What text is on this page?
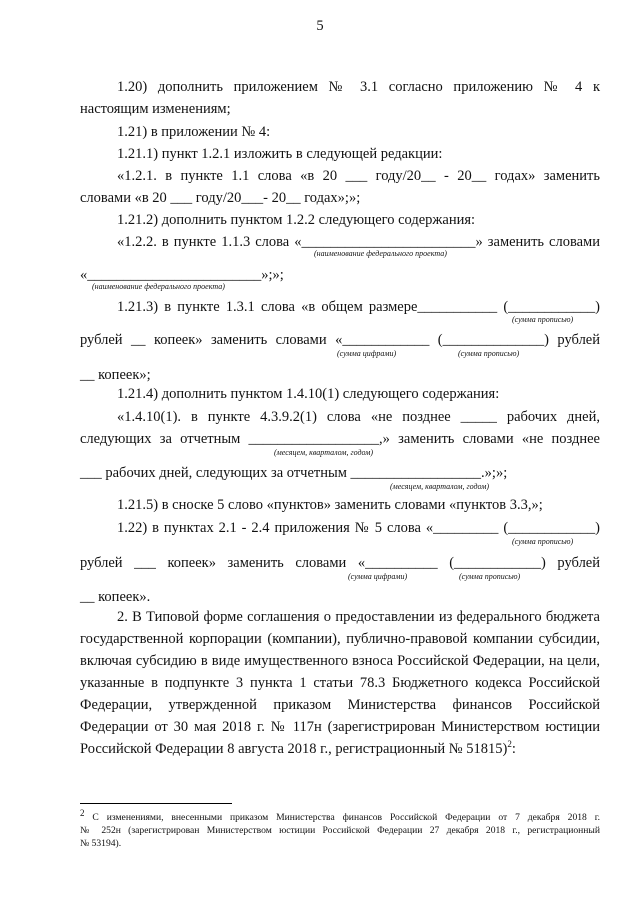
5
1.20) дополнить приложением № 3.1 согласно приложению № 4 к
настоящим изменениям;
1.21) в приложении № 4:
1.21.1) пункт 1.2.1 изложить в следующей редакции:
«1.2.1. в пункте 1.1 слова «в 20 ___ году/20__ - 20__ годах» заменить
словами «в 20 ___ году/20___- 20__ годах»;»;
1.21.2) дополнить пунктом 1.2.2 следующего содержания:
«1.2.2. в пункте 1.1.3 слова «________________________» заменить словами
(наименование федерального проекта)
«________________________»;»;
(наименование федерального проекта)
1.21.3) в пункте 1.3.1 слова «в общем размере___________ (____________)
(сумма прописью)
рублей __ копеек» заменить словами «____________ (______________) рублей
(сумма цифрами)	(сумма прописью)
__ копеек»;
1.21.4) дополнить пунктом 1.4.10(1) следующего содержания:
«1.4.10(1). в пункте 4.3.9.2(1) слова «не позднее _____ рабочих дней,
следующих за отчетным __________________,» заменить словами «не позднее
(месяцем, кварталом, годом)
___ рабочих дней, следующих за отчетным __________________.»;»;
(месяцем, кварталом, годом)
1.21.5) в сноске 5 слово «пунктов» заменить словами «пунктов 3.3,»;
1.22) в пунктах 2.1 - 2.4 приложения № 5 слова «_________ (____________)
(сумма прописью)
рублей ___ копеек» заменить словами «__________ (____________) рублей
(сумма цифрами)	(сумма прописью)
__ копеек».
2. В Типовой форме соглашения о предоставлении из федерального бюджета
государственной корпорации (компании), публично-правовой компании субсидии,
включая субсидию в виде имущественного взноса Российской Федерации, на цели,
указанные в подпункте 3 пункта 1 статьи 78.3 Бюджетного кодекса Российской
Федерации, утвержденной приказом Министерства финансов Российской
Федерации от 30 мая 2018 г. № 117н (зарегистрирован Министерством юстиции
Российской Федерации 8 августа 2018 г., регистрационный № 51815)$^2$:
$^2$ С изменениями, внесенными приказом Министерства финансов Российской Федерации от 7 декабря 2018 г.
№ 252н (зарегистрирован Министерством юстиции Российской Федерации 27 декабря 2018 г., регистрационный
№ 53194).
